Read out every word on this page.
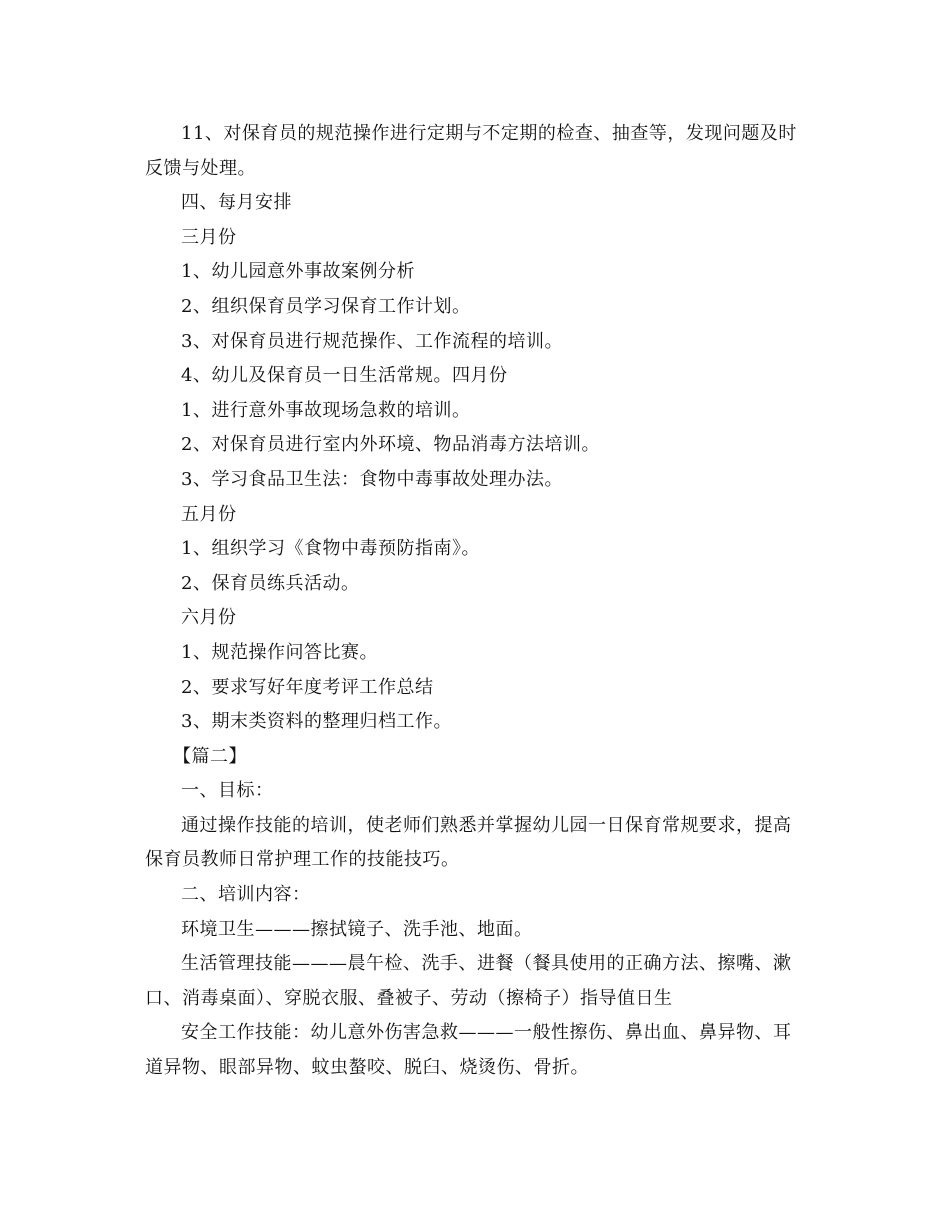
11、对保育员的规范操作进行定期与不定期的检查、抽查等，发现问题及时反馈与处理。

四、每月安排

三月份

1、幼儿园意外事故案例分析

2、组织保育员学习保育工作计划。

3、对保育员进行规范操作、工作流程的培训。

4、幼儿及保育员一日生活常规。四月份

1、进行意外事故现场急救的培训。

2、对保育员进行室内外环境、物品消毒方法培训。

3、学习食品卫生法：食物中毒事故处理办法。

五月份

1、组织学习《食物中毒预防指南》。

2、保育员练兵活动。

六月份

1、规范操作问答比赛。

2、要求写好年度考评工作总结

3、期末类资料的整理归档工作。

【篇二】

一、目标：

通过操作技能的培训，使老师们熟悉并掌握幼儿园一日保育常规要求，提高保育员教师日常护理工作的技能技巧。

二、培训内容：

环境卫生———擦拭镜子、洗手池、地面。

生活管理技能———晨午检、洗手、进餐（餐具使用的正确方法、擦嘴、漱口、消毒桌面）、穿脱衣服、叠被子、劳动（擦椅子）指导值日生

安全工作技能：幼儿意外伤害急救———一般性擦伤、鼻出血、鼻异物、耳道异物、眼部异物、蚊虫螯咬、脱臼、烧烫伤、骨折。
